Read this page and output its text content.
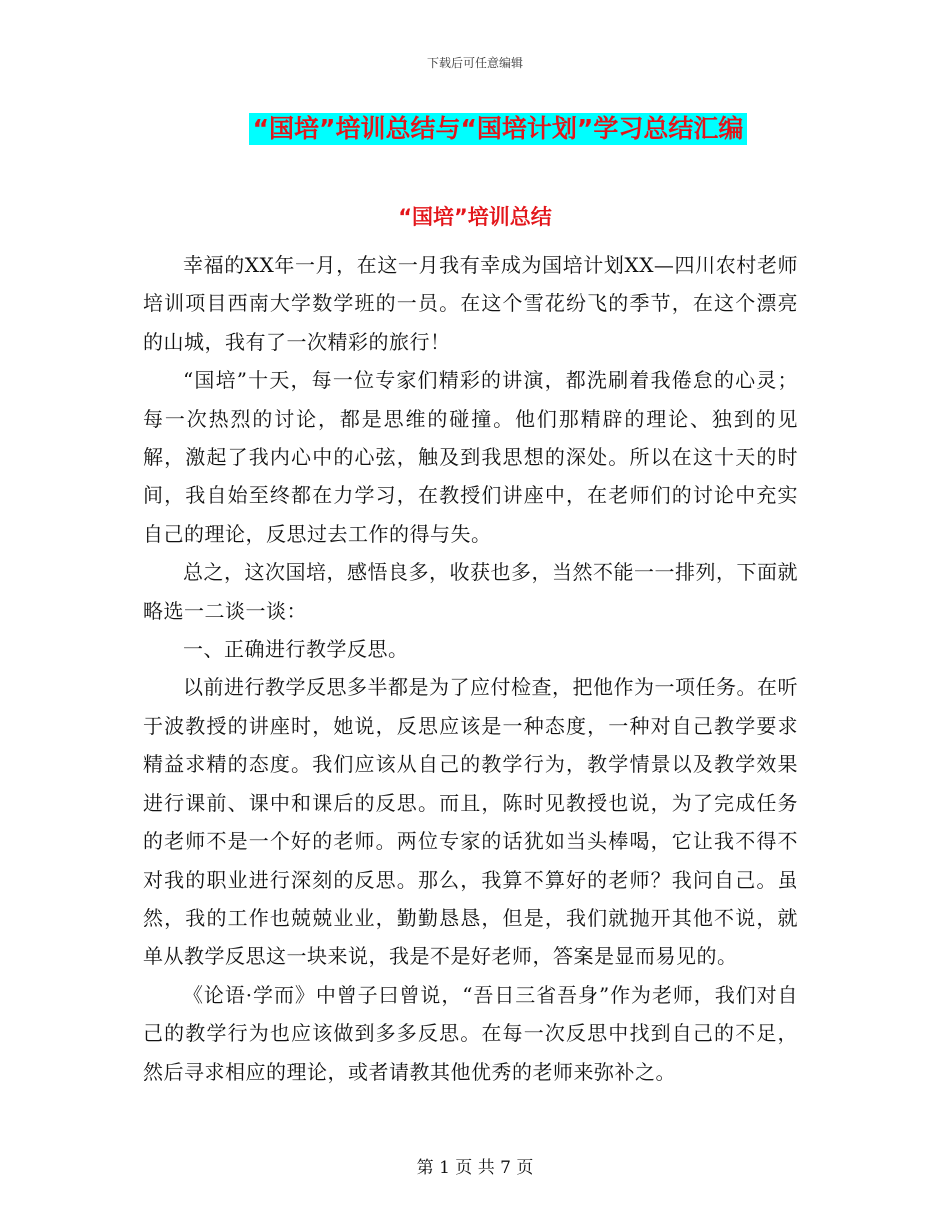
下载后可任意编辑
“国培”培训总结与“国培计划”学习总结汇编
“国培”培训总结

幸福的XX年一月，在这一月我有幸成为国培计划XX—四川农村老师培训项目西南大学数学班的一员。在这个雪花纷飞的季节，在这个漂亮的山城，我有了一次精彩的旅行！

“国培”十天，每一位专家们精彩的讲演，都洗刷着我倦怠的心灵；每一次热烈的讨论，都是思维的碰撞。他们那精辟的理论、独到的见解，激起了我内心中的心弦，触及到我思想的深处。所以在这十天的时间，我自始至终都在力学习，在教授们讲座中，在老师们的讨论中充实自己的理论，反思过去工作的得与失。

总之，这次国培，感悟良多，收获也多，当然不能一一排列，下面就略选一二谈一谈：

一、正确进行教学反思。

以前进行教学反思多半都是为了应付检查，把他作为一项任务。在听于波教授的讲座时，她说，反思应该是一种态度，一种对自己教学要求精益求精的态度。我们应该从自己的教学行为，教学情景以及教学效果进行课前、课中和课后的反思。而且，陈时见教授也说，为了完成任务的老师不是一个好的老师。两位专家的话犹如当头棒喝，它让我不得不对我的职业进行深刻的反思。那么，我算不算好的老师？我问自己。虽然，我的工作也兢兢业业，勤勤恳恳，但是，我们就抛开其他不说，就单从教学反思这一块来说，我是不是好老师，答案是显而易见的。

《论语·学而》中曾子曰曾说，“吾日三省吾身”作为老师，我们对自己的教学行为也应该做到多多反思。在每一次反思中找到自己的不足，然后寻求相应的理论，或者请教其他优秀的老师来弥补之。

第 1 页 共 7 页
